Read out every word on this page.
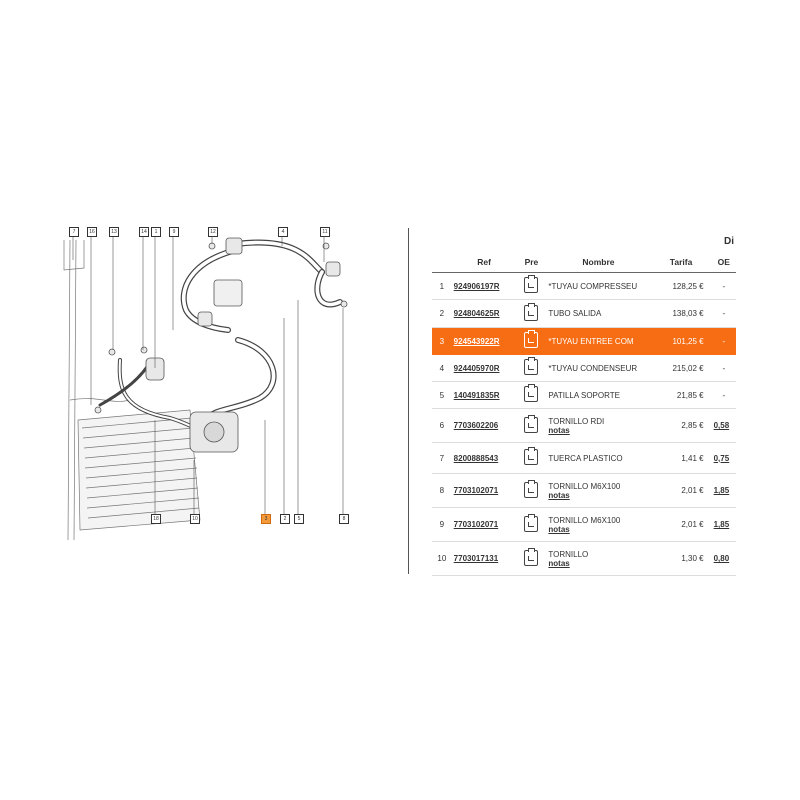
7	16	13	14	1	9	12	4	11
18	10	3	2	5	8
Di
	Ref	Pre	Nombre	Tarifa	OE
1	924906197R		*TUYAU COMPRESSEU	128,25 €	-
2	924804625R		TUBO SALIDA	138,03 €	-
3	924543922R		*TUYAU ENTREE COM	101,25 €	-
4	924405970R		*TUYAU CONDENSEUR	215,02 €	-
5	140491835R		PATILLA SOPORTE	21,85 €	-
6	7703602206		TORNILLO RDI
notas	2,85 €	0,58
7	8200888543		TUERCA PLASTICO	1,41 €	0,75
8	7703102071		TORNILLO M6X100
notas	2,01 €	1,85
9	7703102071		TORNILLO M6X100
notas	2,01 €	1,85
10	7703017131		TORNILLO
notas	1,30 €	0,80
